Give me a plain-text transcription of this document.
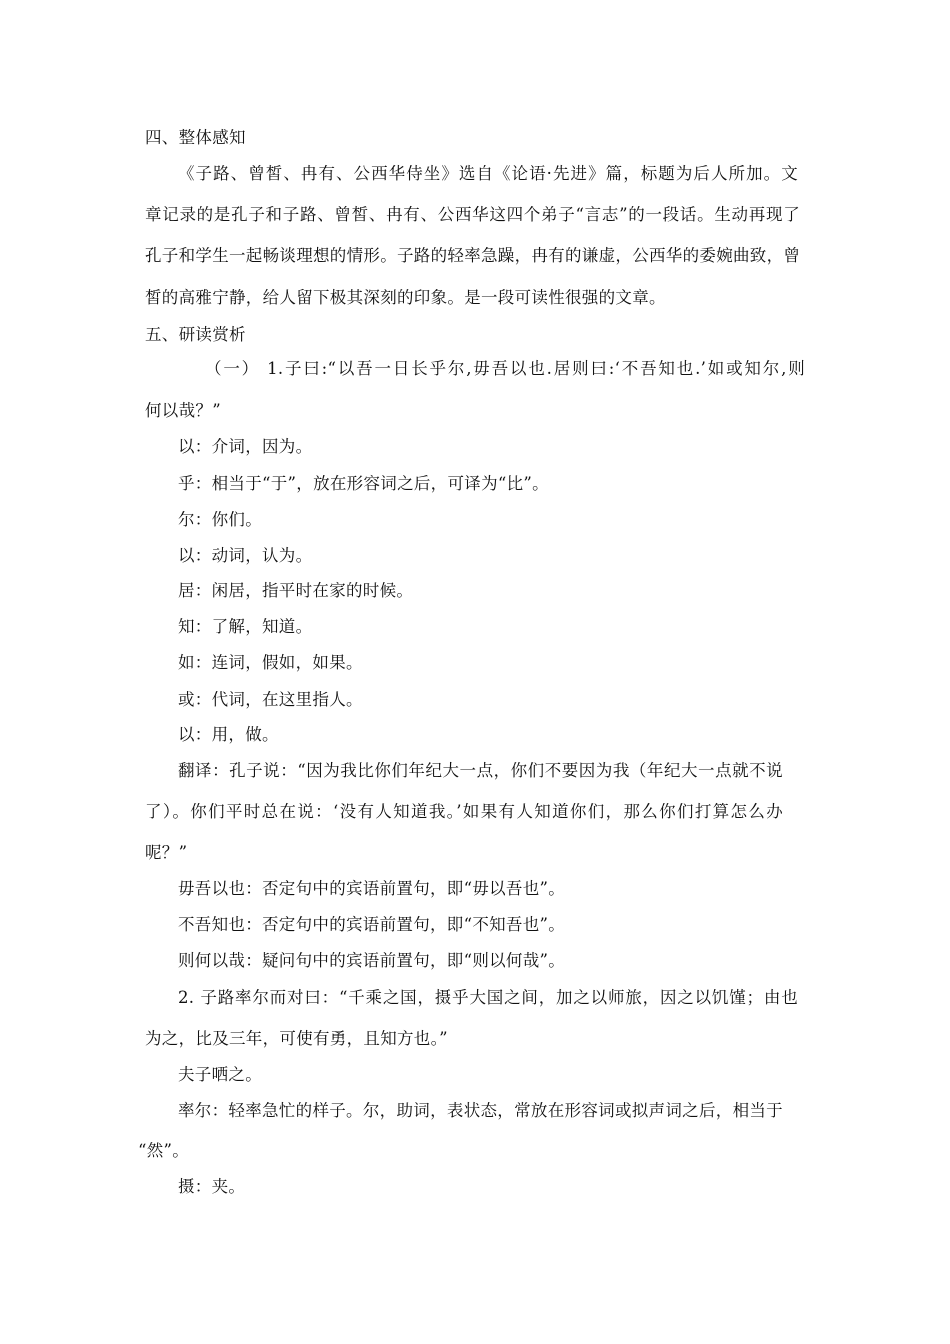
四、整体感知
《子路、曾皙、冉有、公西华侍坐》选自《论语·先进》篇，标题为后人所加。文
章记录的是孔子和子路、曾皙、冉有、公西华这四个弟子“言志”的一段话。生动再现了
孔子和学生一起畅谈理想的情形。子路的轻率急躁，冉有的谦虚，公西华的委婉曲致，曾
皙的高雅宁静，给人留下极其深刻的印象。是一段可读性很强的文章。
五、研读赏析
（一） 1.子曰:“以吾一日长乎尔,毋吾以也.居则曰:‘不吾知也.’如或知尔,则
何以哉？”
以：介词，因为。
乎：相当于“于”，放在形容词之后，可译为“比”。
尔：你们。
以：动词，认为。
居：闲居，指平时在家的时候。
知：了解，知道。
如：连词，假如，如果。
或：代词，在这里指人。
以：用，做。
翻译：孔子说：“因为我比你们年纪大一点，你们不要因为我（年纪大一点就不说
了）。你们平时总在说：‘没有人知道我。’如果有人知道你们，那么你们打算怎么办
呢？”
毋吾以也：否定句中的宾语前置句，即“毋以吾也”。
不吾知也：否定句中的宾语前置句，即“不知吾也”。
则何以哉：疑问句中的宾语前置句，即“则以何哉”。
2. 子路率尔而对曰：“千乘之国，摄乎大国之间，加之以师旅，因之以饥馑；由也
为之，比及三年，可使有勇，且知方也。”
夫子哂之。
率尔：轻率急忙的样子。尔，助词，表状态，常放在形容词或拟声词之后，相当于
“然”。
摄：夹。
